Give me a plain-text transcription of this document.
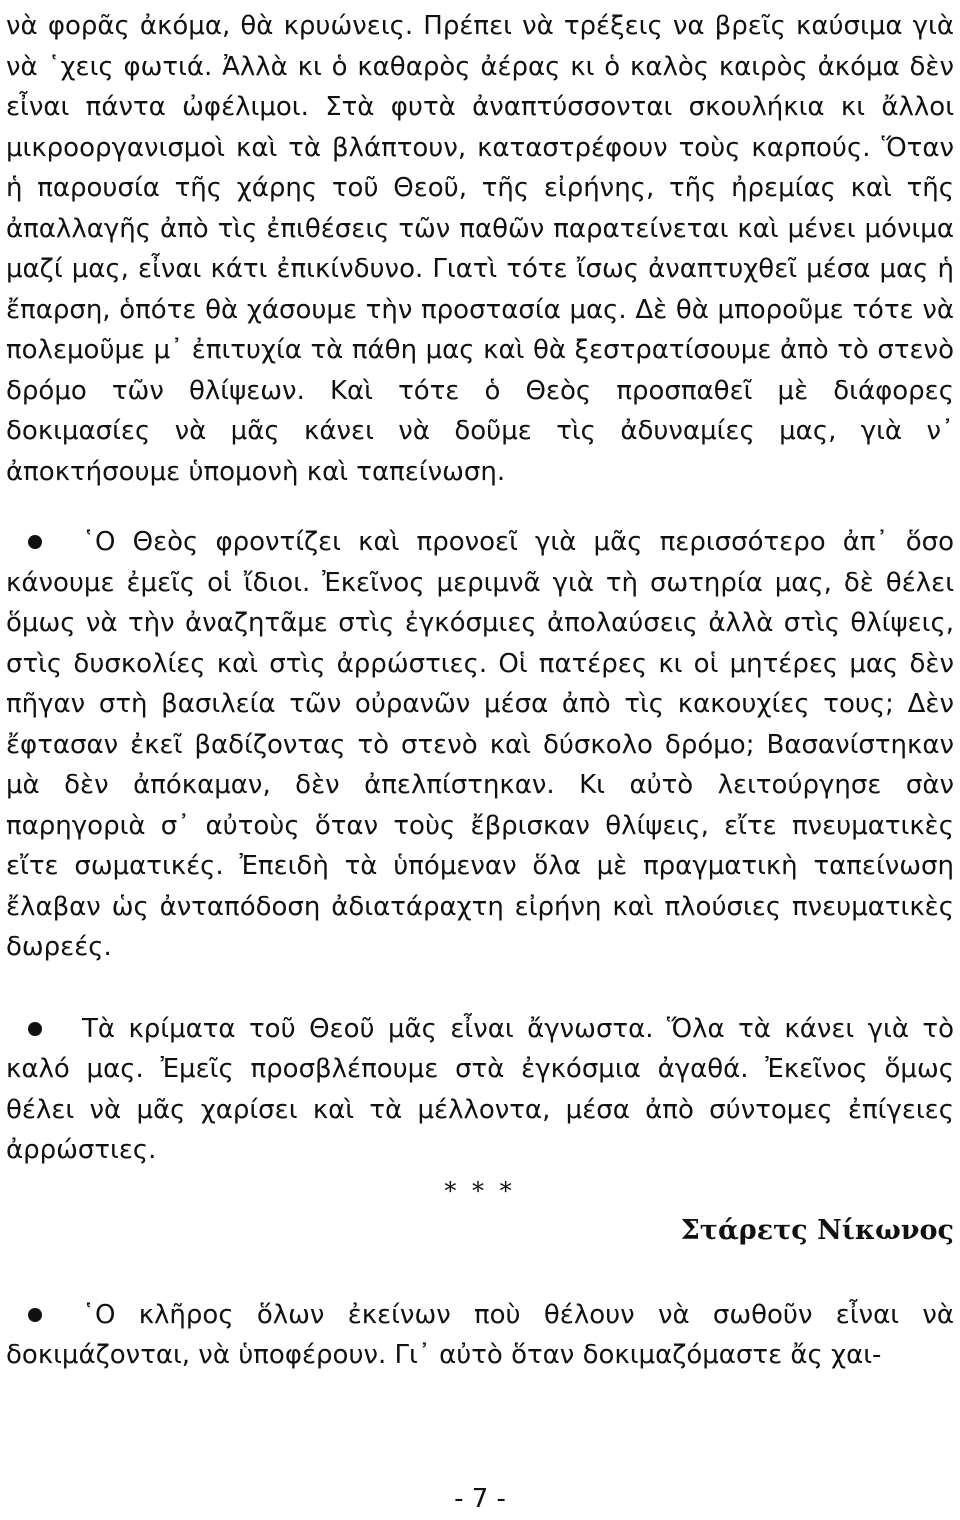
νὰ φορᾶς ἀκόμα, θὰ κρυώνεις. Πρέπει νὰ τρέξεις να βρεῖς καύσιμα γιὰ νὰ ῾χεις φωτιά. Ἀλλὰ κι ὁ καθαρὸς ἀέρας κι ὁ καλὸς καιρὸς ἀκόμα δὲν εἶναι πάντα ὠφέλιμοι. Στὰ φυτὰ ἀναπτύσσονται σκουλήκια κι ἄλλοι μικροοργανισμοὶ καὶ τὰ βλάπτουν, καταστρέφουν τοὺς καρπούς. Ὅταν ἡ παρουσία τῆς χάρης τοῦ Θεοῦ, τῆς εἰρήνης, τῆς ἠρεμίας καὶ τῆς ἀπαλλαγῆς ἀπὸ τὶς ἐπιθέσεις τῶν παθῶν παρατείνεται καὶ μένει μόνιμα μαζί μας, εἶναι κάτι ἐπικίνδυνο. Γιατὶ τότε ἴσως ἀναπτυχθεῖ μέσα μας ἡ ἔπαρση, ὁπότε θὰ χάσουμε τὴν προστασία μας. Δὲ θὰ μποροῦμε τότε νὰ πολεμοῦμε μ᾽ ἐπιτυχία τὰ πάθη μας καὶ θὰ ξεστρατίσουμε ἀπὸ τὸ στενὸ δρόμο τῶν θλίψεων. Καὶ τότε ὁ Θεὸς προσπαθεῖ μὲ διάφορες δοκιμασίες νὰ μᾶς κάνει νὰ δοῦμε τὶς ἀδυναμίες μας, γιὰ ν᾽ ἀποκτήσουμε ὑπομονὴ καὶ ταπείνωση.

῾Ο Θεὸς φροντίζει καὶ προνοεῖ γιὰ μᾶς περισσότερο ἀπ᾽ ὅσο κάνουμε ἐμεῖς οἱ ἴδιοι. Ἐκεῖνος μεριμνᾶ γιὰ τὴ σωτηρία μας, δὲ θέλει ὅμως νὰ τὴν ἀναζητᾶμε στὶς ἐγκόσμιες ἀπολαύσεις ἀλλὰ στὶς θλίψεις, στὶς δυσκολίες καὶ στὶς ἀρρώστιες. Οἱ πατέρες κι οἱ μητέρες μας δὲν πῆγαν στὴ βασιλεία τῶν οὐρανῶν μέσα ἀπὸ τὶς κακουχίες τους; Δὲν ἔφτασαν ἐκεῖ βαδίζοντας τὸ στενὸ καὶ δύσκολο δρόμο; Βασανίστηκαν μὰ δὲν ἀπόκαμαν, δὲν ἀπελπίστηκαν. Κι αὐτὸ λειτούργησε σὰν παρηγοριὰ σ᾽ αὐτοὺς ὅταν τοὺς ἔβρισκαν θλίψεις, εἴτε πνευματικὲς εἴτε σωματικές. Ἐπειδὴ τὰ ὑπόμεναν ὅλα μὲ πραγματικὴ ταπείνωση ἔλαβαν ὡς ἀνταπόδοση ἀδιατάραχτη εἰρήνη καὶ πλούσιες πνευματικὲς δωρεές.
Τὰ κρίματα τοῦ Θεοῦ μᾶς εἶναι ἄγνωστα. Ὅλα τὰ κάνει γιὰ τὸ καλό μας. Ἐμεῖς προσβλέπουμε στὰ ἐγκόσμια ἀγαθά. Ἐκεῖνος ὅμως θέλει νὰ μᾶς χαρίσει καὶ τὰ μέλλοντα, μέσα ἀπὸ σύντομες ἐπίγειες ἀρρώστιες.
* * *
Στάρετς Νίκωνος
῾Ο κλῆρος ὅλων ἐκείνων ποὺ θέλουν νὰ σωθοῦν εἶναι νὰ δοκιμάζονται, νὰ ὑποφέρουν. Γι᾽ αὐτὸ ὅταν δοκιμαζόμαστε ἄς χαι-
- 7 -
